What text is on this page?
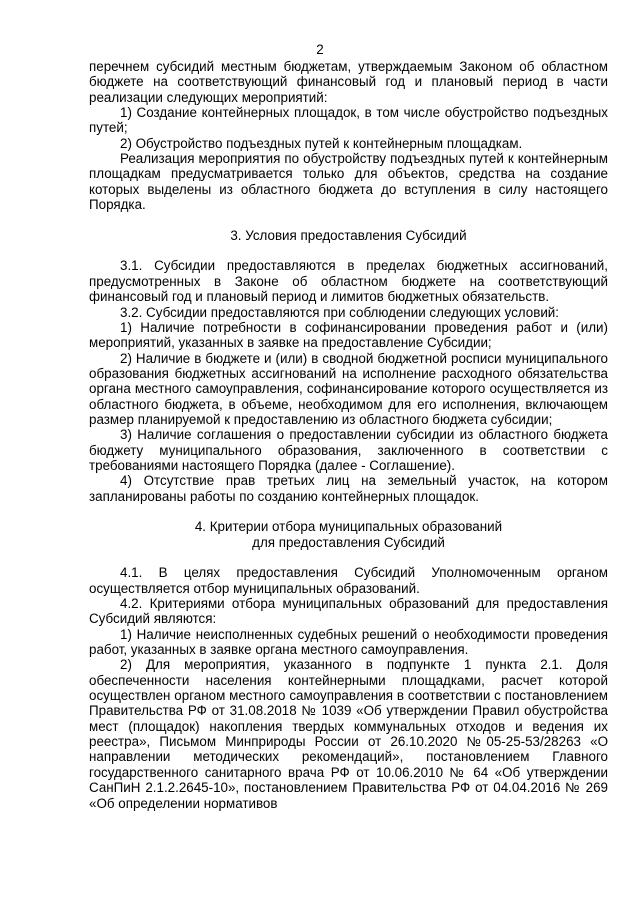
2

перечнем субсидий местным бюджетам, утверждаемым Законом об областном бюджете на соответствующий финансовый год и плановый период в части реализации следующих мероприятий:

1) Создание контейнерных площадок, в том числе обустройство подъездных путей;

2) Обустройство подъездных путей к контейнерным площадкам.

Реализация мероприятия по обустройству подъездных путей к контейнерным площадкам предусматривается только для объектов, средства на создание которых выделены из областного бюджета до вступления в силу настоящего Порядка.

3. Условия предоставления Субсидий

3.1. Субсидии предоставляются в пределах бюджетных ассигнований, предусмотренных в Законе об областном бюджете на соответствующий финансовый год и плановый период и лимитов бюджетных обязательств.

3.2. Субсидии предоставляются при соблюдении следующих условий:

1) Наличие потребности в софинансировании проведения работ и (или) мероприятий, указанных в заявке на предоставление Субсидии;

2) Наличие в бюджете и (или) в сводной бюджетной росписи муниципального образования бюджетных ассигнований на исполнение расходного обязательства органа местного самоуправления, софинансирование которого осуществляется из областного бюджета, в объеме, необходимом для его исполнения, включающем размер планируемой к предоставлению из областного бюджета субсидии;

3) Наличие соглашения о предоставлении субсидии из областного бюджета бюджету муниципального образования, заключенного в соответствии с требованиями настоящего Порядка (далее - Соглашение).

4) Отсутствие прав третьих лиц на земельный участок, на котором запланированы работы по созданию контейнерных площадок.

4. Критерии отбора муниципальных образований
для предоставления Субсидий

4.1. В целях предоставления Субсидий Уполномоченным органом осуществляется отбор муниципальных образований.

4.2. Критериями отбора муниципальных образований для предоставления Субсидий являются:

1) Наличие неисполненных судебных решений о необходимости проведения работ, указанных в заявке органа местного самоуправления.

2) Для мероприятия, указанного в подпункте 1 пункта 2.1. Доля обеспеченности населения контейнерными площадками, расчет которой осуществлен органом местного самоуправления в соответствии с постановлением Правительства РФ от 31.08.2018 № 1039 «Об утверждении Правил обустройства мест (площадок) накопления твердых коммунальных отходов и ведения их реестра», Письмом Минприроды России от 26.10.2020 №05-25-53/28263 «О направлении методических рекомендаций», постановлением Главного государственного санитарного врача РФ от 10.06.2010 № 64 «Об утверждении СанПиН 2.1.2.2645-10», постановлением Правительства РФ от 04.04.2016 № 269 «Об определении нормативов
